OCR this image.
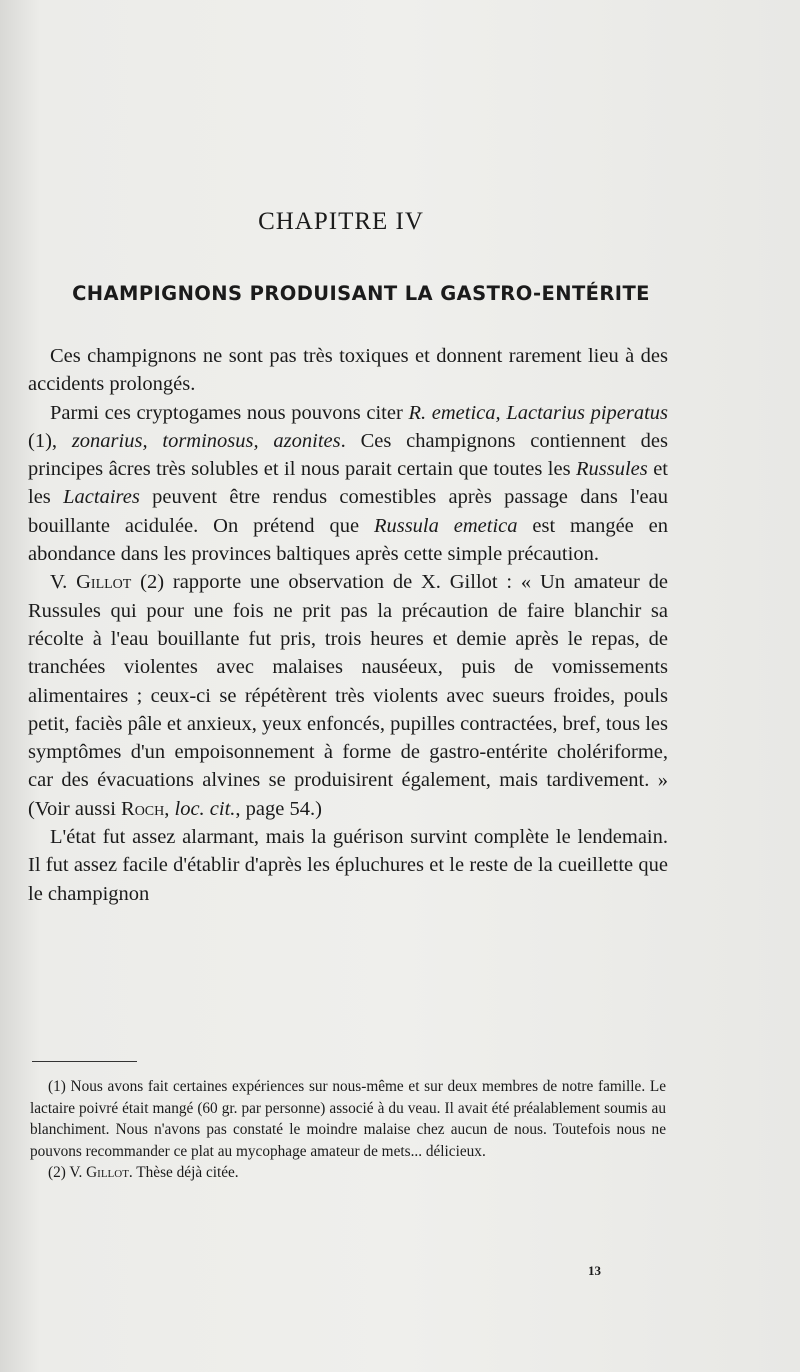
CHAPITRE IV
CHAMPIGNONS PRODUISANT LA GASTRO-ENTÉRITE

Ces champignons ne sont pas très toxiques et donnent rarement lieu à des accidents prolongés.

Parmi ces cryptogames nous pouvons citer R. emetica, Lactarius piperatus (1), zonarius, torminosus, azonites. Ces champignons contiennent des principes âcres très solubles et il nous parait certain que toutes les Russules et les Lactaires peuvent être rendus comestibles après passage dans l'eau bouillante acidulée. On prétend que Russula emetica est mangée en abondance dans les provinces baltiques après cette simple précaution.

V. Gillot (2) rapporte une observation de X. Gillot : « Un amateur de Russules qui pour une fois ne prit pas la précaution de faire blanchir sa récolte à l'eau bouillante fut pris, trois heures et demie après le repas, de tranchées violentes avec malaises nauséeux, puis de vomissements alimentaires ; ceux-ci se répétèrent très violents avec sueurs froides, pouls petit, faciès pâle et anxieux, yeux enfoncés, pupilles contractées, bref, tous les symptômes d'un empoisonnement à forme de gastro-entérite cholériforme, car des évacuations alvines se produisirent également, mais tardivement. » (Voir aussi Roch, loc. cit., page 54.)

L'état fut assez alarmant, mais la guérison survint complète le lendemain. Il fut assez facile d'établir d'après les épluchures et le reste de la cueillette que le champignon

(1) Nous avons fait certaines expériences sur nous-même et sur deux membres de notre famille. Le lactaire poivré était mangé (60 gr. par personne) associé à du veau. Il avait été préalablement soumis au blanchiment. Nous n'avons pas constaté le moindre malaise chez aucun de nous. Toutefois nous ne pouvons recommander ce plat au mycophage amateur de mets... délicieux.

(2) V. Gillot. Thèse déjà citée.

13
